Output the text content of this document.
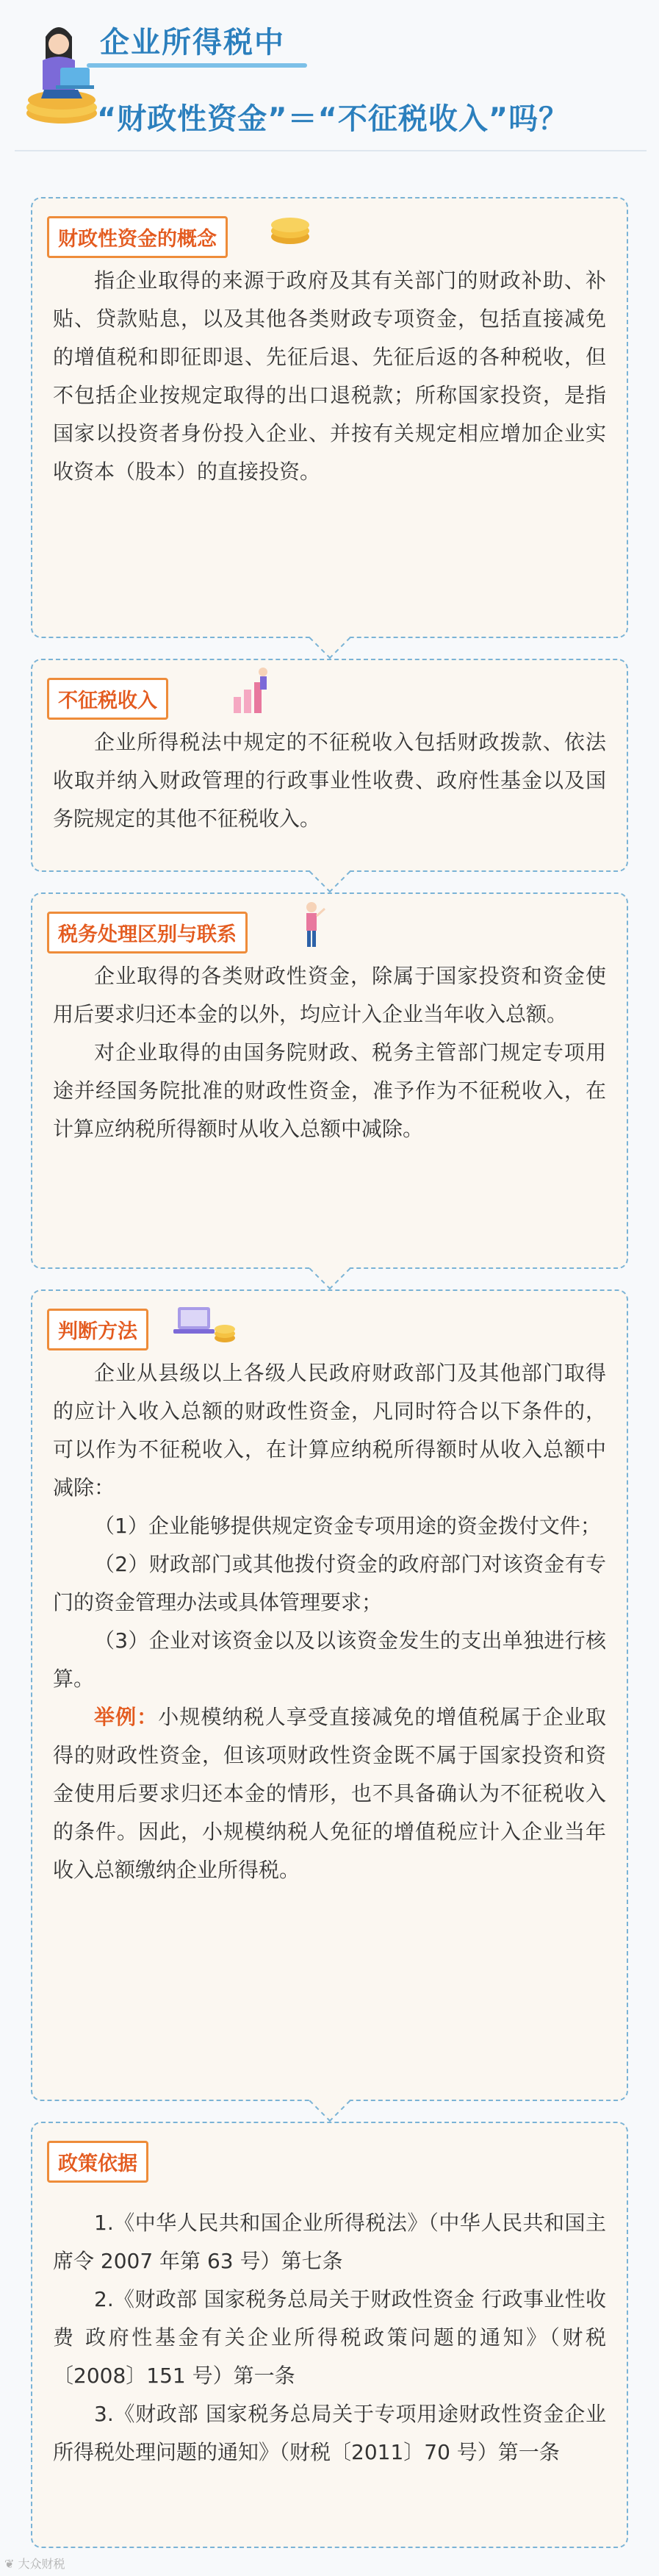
企业所得税中
“财政性资金”＝“不征税收入”吗？
财政性资金的概念

指企业取得的来源于政府及其有关部门的财政补助、补贴、贷款贴息，以及其他各类财政专项资金，包括直接减免的增值税和即征即退、先征后退、先征后返的各种税收，但不包括企业按规定取得的出口退税款；所称国家投资，是指国家以投资者身份投入企业、并按有关规定相应增加企业实收资本（股本）的直接投资。

不征税收入

企业所得税法中规定的不征税收入包括财政拨款、依法收取并纳入财政管理的行政事业性收费、政府性基金以及国务院规定的其他不征税收入。

税务处理区别与联系

企业取得的各类财政性资金，除属于国家投资和资金使用后要求归还本金的以外，均应计入企业当年收入总额。

对企业取得的由国务院财政、税务主管部门规定专项用途并经国务院批准的财政性资金，准予作为不征税收入，在计算应纳税所得额时从收入总额中减除。

判断方法

企业从县级以上各级人民政府财政部门及其他部门取得的应计入收入总额的财政性资金，凡同时符合以下条件的，可以作为不征税收入，在计算应纳税所得额时从收入总额中减除：

（1）企业能够提供规定资金专项用途的资金拨付文件；

（2）财政部门或其他拨付资金的政府部门对该资金有专门的资金管理办法或具体管理要求；

（3）企业对该资金以及以该资金发生的支出单独进行核算。

举例：小规模纳税人享受直接减免的增值税属于企业取得的财政性资金，但该项财政性资金既不属于国家投资和资金使用后要求归还本金的情形，也不具备确认为不征税收入的条件。因此，小规模纳税人免征的增值税应计入企业当年收入总额缴纳企业所得税。

政策依据

1.《中华人民共和国企业所得税法》（中华人民共和国主席令 2007 年第 63 号）第七条

2.《财政部 国家税务总局关于财政性资金 行政事业性收费 政府性基金有关企业所得税政策问题的通知》（财税〔2008〕151 号）第一条

3.《财政部 国家税务总局关于专项用途财政性资金企业所得税处理问题的通知》（财税〔2011〕70 号）第一条

❦ 大众财税
